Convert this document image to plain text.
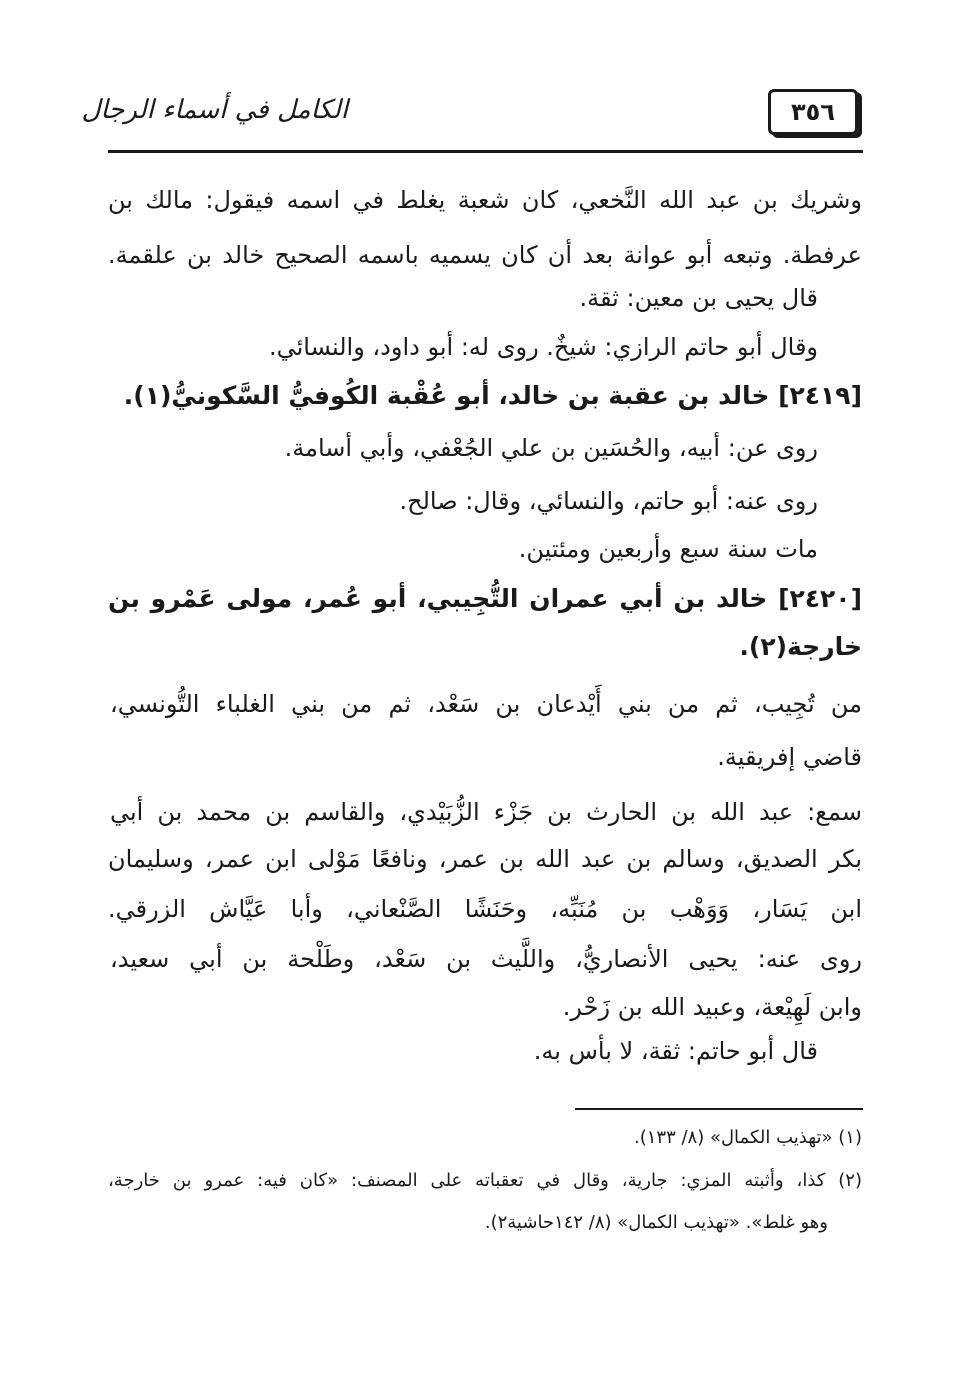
الكامل في أسماء الرجال	٣٥٦
وشريك بن عبد الله النَّخعي، كان شعبة يغلط في اسمه فيقول: مالك بن
عرفطة. وتبعه أبو عوانة بعد أن كان يسميه باسمه الصحيح خالد بن علقمة.
قال يحيى بن معين: ثقة.
وقال أبو حاتم الرازي: شيخٌ. روى له: أبو داود، والنسائي.
[٢٤١٩] خالد بن عقبة بن خالد، أبو عُقْبة الكُوفيُّ السَّكونيُّ(١).
روى عن: أبيه، والحُسَين بن علي الجُعْفي، وأبي أسامة.
روى عنه: أبو حاتم، والنسائي، وقال: صالح.
مات سنة سبع وأربعين ومئتين.
[٢٤٢٠] خالد بن أبي عمران التُّجِيبي، أبو عُمر، مولى عَمْرو بن
خارجة(٢).
من تُجِيب، ثم من بني أَيْدعان بن سَعْد، ثم من بني الغلباء التُّونسي،
قاضي إفريقية.
سمع: عبد الله بن الحارث بن جَزْء الزُّبَيْدي، والقاسم بن محمد بن أبي
بكر الصديق، وسالم بن عبد الله بن عمر، ونافعًا مَوْلى ابن عمر، وسليمان
ابن يَسَار، وَوَهْب بن مُنَبِّه، وحَنَشًا الصَّنْعاني، وأبا عَيَّاش الزرقي.
روى عنه: يحيى الأنصاريُّ، واللَّيث بن سَعْد، وطَلْحة بن أبي سعيد،
وابن لَهِيْعة، وعبيد الله بن زَحْر.
قال أبو حاتم: ثقة، لا بأس به.
(١) «تهذيب الكمال» (٨/ ١٣٣).
(٢) كذا، وأثبته المزي: جارية، وقال في تعقباته على المصنف: «كان فيه: عمرو بن خارجة،
وهو غلط». «تهذيب الكمال» (٨/ ١٤٢حاشية٢).
